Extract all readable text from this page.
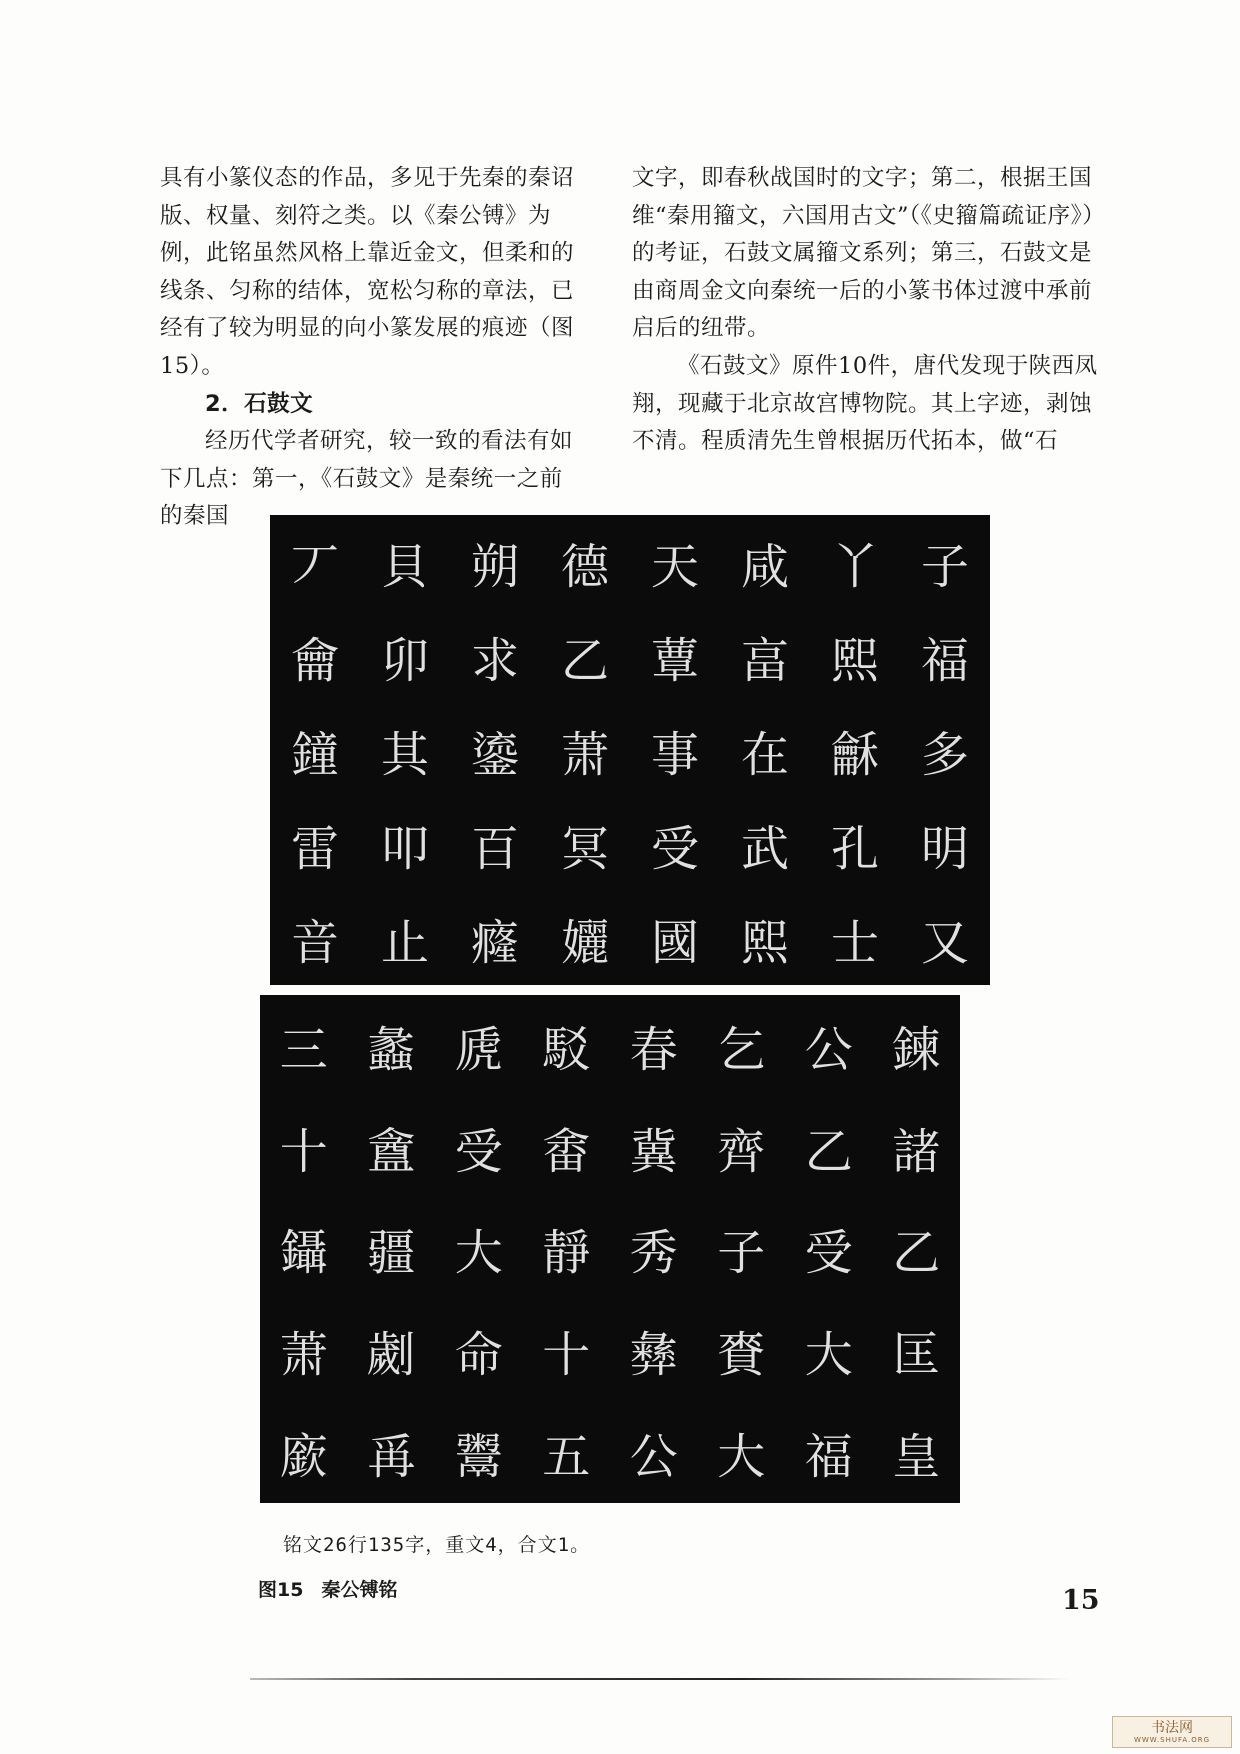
具有小篆仪态的作品，多见于先秦的秦诏版、权量、刻符之类。以《秦公镈》为例，此铭虽然风格上靠近金文，但柔和的线条、匀称的结体，宽松匀称的章法，已经有了较为明显的向小篆发展的痕迹（图15）。

2．石鼓文

经历代学者研究，较一致的看法有如下几点：第一，《石鼓文》是秦统一之前的秦国

文字，即春秋战国时的文字；第二，根据王国维“秦用籀文，六国用古文”（《史籀篇疏证序》）的考证，石鼓文属籀文系列；第三，石鼓文是由商周金文向秦统一后的小篆书体过渡中承前启后的纽带。

《石鼓文》原件10件，唐代发现于陕西凤翔，现藏于北京故宫博物院。其上字迹，剥蚀不清。程质清先生曾根据历代拓本，做“石

丆 貝 朔 德 天 咸 丫 子
龠 卯 求 乙 蕈 畗 熙 福
鐘 其 鎏 萧 事 在 龢 多
雷 叩 百 冥 受 武 孔 明
音 止 癃 孋 國 熙 士 又
三 蠡 虒 駁 春 乞 公 鍊
十 盦 受 畬 冀 齊 乙 諸
鑷 疆 大 靜 秀 子 受 乙
萧 劌 命 十 彝 賚 大 匡
廞 爯 鬻 五 公 大 福 皇
铭文26行135字，重文4，合文1。
图15 秦公镈铭	15
书法网
WWW.SHUFA.ORG
